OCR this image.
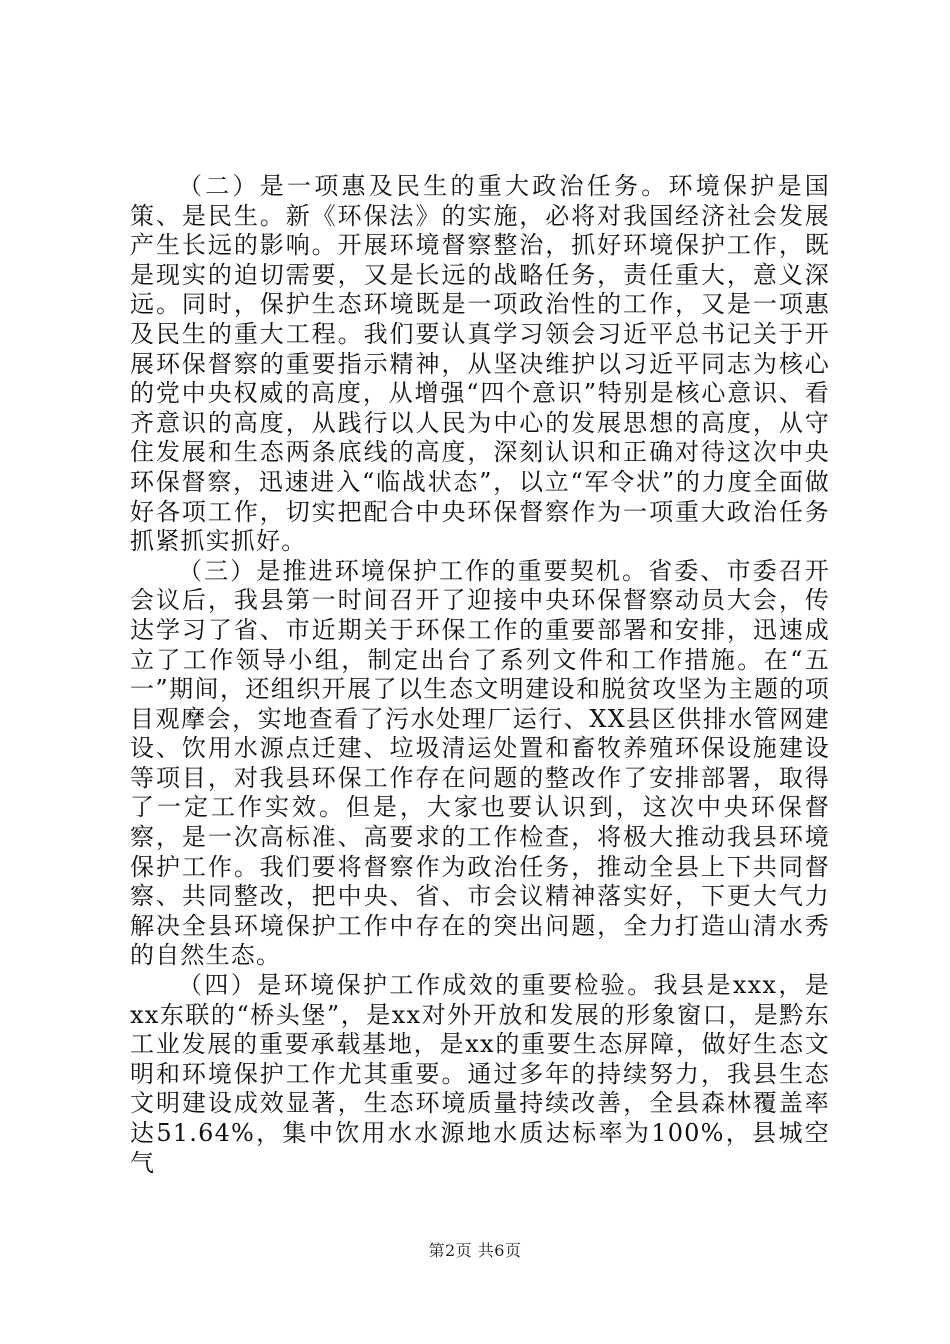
（二）是一项惠及民生的重大政治任务。环境保护是国策、是民生。新《环保法》的实施，必将对我国经济社会发展产生长远的影响。开展环境督察整治，抓好环境保护工作，既是现实的迫切需要，又是长远的战略任务，责任重大，意义深远。同时，保护生态环境既是一项政治性的工作，又是一项惠及民生的重大工程。我们要认真学习领会习近平总书记关于开展环保督察的重要指示精神，从坚决维护以习近平同志为核心的党中央权威的高度，从增强“四个意识”特别是核心意识、看齐意识的高度，从践行以人民为中心的发展思想的高度，从守住发展和生态两条底线的高度，深刻认识和正确对待这次中央环保督察，迅速进入“临战状态”，以立“军令状”的力度全面做好各项工作，切实把配合中央环保督察作为一项重大政治任务抓紧抓实抓好。

（三）是推进环境保护工作的重要契机。省委、市委召开会议后，我县第一时间召开了迎接中央环保督察动员大会，传达学习了省、市近期关于环保工作的重要部署和安排，迅速成立了工作领导小组，制定出台了系列文件和工作措施。在“五一”期间，还组织开展了以生态文明建设和脱贫攻坚为主题的项目观摩会，实地查看了污水处理厂运行、XX县区供排水管网建设、饮用水源点迁建、垃圾清运处置和畜牧养殖环保设施建设等项目，对我县环保工作存在问题的整改作了安排部署，取得了一定工作实效。但是，大家也要认识到，这次中央环保督察，是一次高标准、高要求的工作检查，将极大推动我县环境保护工作。我们要将督察作为政治任务，推动全县上下共同督察、共同整改，把中央、省、市会议精神落实好，下更大气力解决全县环境保护工作中存在的突出问题，全力打造山清水秀的自然生态。

（四）是环境保护工作成效的重要检验。我县是xxx，是xx东联的“桥头堡”，是xx对外开放和发展的形象窗口，是黔东工业发展的重要承载基地，是xx的重要生态屏障，做好生态文明和环境保护工作尤其重要。通过多年的持续努力，我县生态文明建设成效显著，生态环境质量持续改善，全县森林覆盖率达51.64%，集中饮用水水源地水质达标率为100%，县城空气

第2页 共6页
